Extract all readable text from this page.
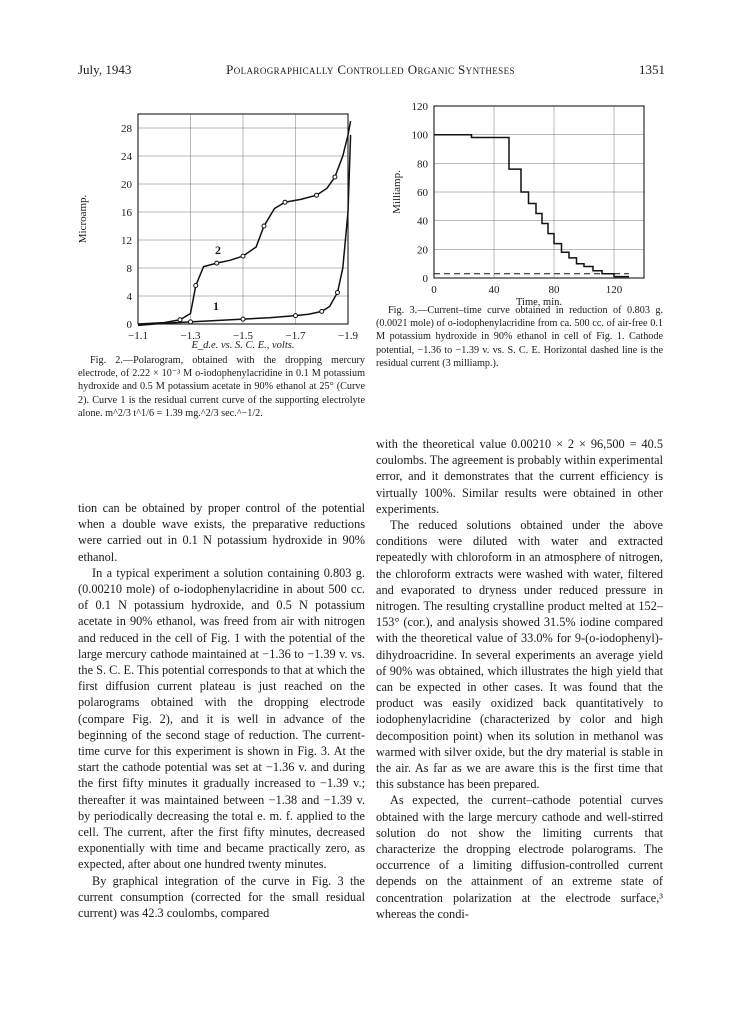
July, 1943	Polarographically Controlled Organic Syntheses	1351
0
4
8
12
16
20
24
28
−1.1	−1.3	−1.5	−1.7	−1.9
Microamp.
E_d.e. vs. S. C. E., volts.
2
1
0
20
40
60
80
100
120
0	40	80	120
Milliamp.
Time, min.

Fig. 2.—Polarogram, obtained with the dropping mercury electrode, of 2.22 × 10⁻³ M o-iodophenylacridine in 0.1 M potassium hydroxide and 0.5 M potassium acetate in 90% ethanol at 25° (Curve 2). Curve 1 is the residual current curve of the supporting electrolyte alone. m^2/3 t^1/6 = 1.39 mg.^2/3 sec.^−1/2.

Fig. 3.—Current–time curve obtained in reduction of 0.803 g. (0.0021 mole) of o-iodophenylacridine from ca. 500 cc. of air-free 0.1 M potassium hydroxide in 90% ethanol in cell of Fig. 1. Cathode potential, −1.36 to −1.39 v. vs. S. C. E. Horizontal dashed line is the residual current (3 milliamp.).

tion can be obtained by proper control of the potential when a double wave exists, the preparative reductions were carried out in 0.1 N potassium hydroxide in 90% ethanol.

In a typical experiment a solution containing 0.803 g. (0.00210 mole) of o-iodophenylacridine in about 500 cc. of 0.1 N potassium hydroxide, and 0.5 N potassium acetate in 90% ethanol, was freed from air with nitrogen and reduced in the cell of Fig. 1 with the potential of the large mercury cathode maintained at −1.36 to −1.39 v. vs. the S. C. E. This potential corresponds to that at which the first diffusion current plateau is just reached on the polarograms obtained with the dropping electrode (compare Fig. 2), and it is well in advance of the beginning of the second stage of reduction. The current-time curve for this experiment is shown in Fig. 3. At the start the cathode potential was set at −1.36 v. and during the first fifty minutes it gradually increased to −1.39 v.; thereafter it was maintained between −1.38 and −1.39 v. by periodically decreasing the total e. m. f. applied to the cell. The current, after the first fifty minutes, decreased exponentially with time and became practically zero, as expected, after about one hundred twenty minutes.

By graphical integration of the curve in Fig. 3 the current consumption (corrected for the small residual current) was 42.3 coulombs, compared

with the theoretical value 0.00210 × 2 × 96,500 = 40.5 coulombs. The agreement is probably within experimental error, and it demonstrates that the current efficiency is virtually 100%. Similar results were obtained in other experiments.

The reduced solutions obtained under the above conditions were diluted with water and extracted repeatedly with chloroform in an atmosphere of nitrogen, the chloroform extracts were washed with water, filtered and evaporated to dryness under reduced pressure in nitrogen. The resulting crystalline product melted at 152–153° (cor.), and analysis showed 31.5% iodine compared with the theoretical value of 33.0% for 9-(o-iodophenyl)-dihydroacridine. In several experiments an average yield of 90% was obtained, which illustrates the high yield that can be expected in other cases. It was found that the product was easily oxidized back quantitatively to iodophenylacridine (characterized by color and high decomposition point) when its solution in methanol was warmed with silver oxide, but the dry material is stable in the air. As far as we are aware this is the first time that this substance has been prepared.

As expected, the current–cathode potential curves obtained with the large mercury cathode and well-stirred solution do not show the limiting currents that characterize the dropping electrode polarograms. The occurrence of a limiting diffusion-controlled current depends on the attainment of an extreme state of concentration polarization at the electrode surface,³ whereas the condi-
